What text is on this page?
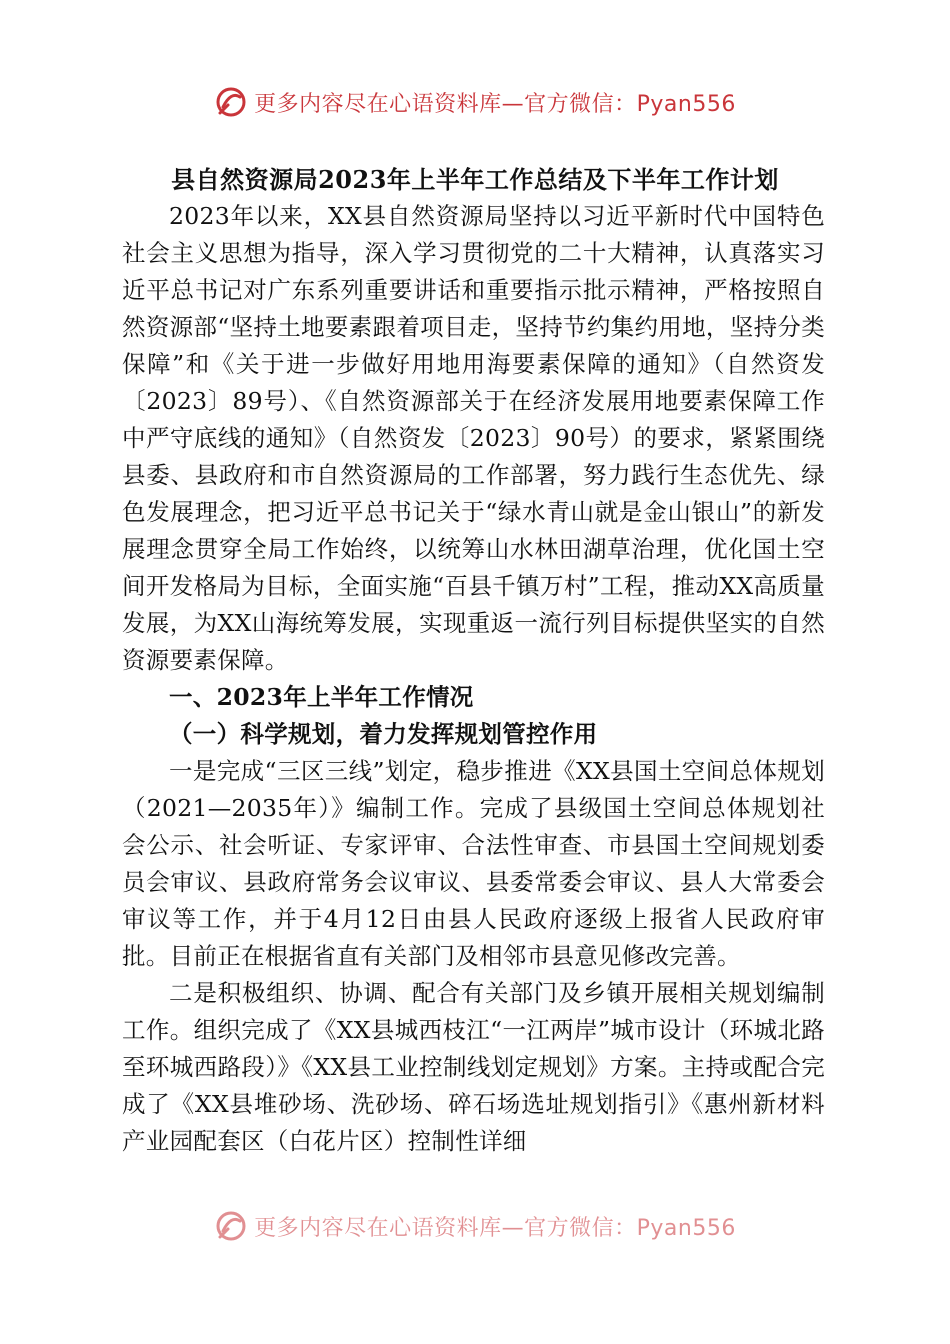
更多内容尽在心语资料库—官方微信：Pyan556
县自然资源局2023年上半年工作总结及下半年工作计划

2023年以来，XX县自然资源局坚持以习近平新时代中国特色社会主义思想为指导，深入学习贯彻党的二十大精神，认真落实习近平总书记对广东系列重要讲话和重要指示批示精神，严格按照自然资源部“坚持土地要素跟着项目走，坚持节约集约用地，坚持分类保障”和《关于进一步做好用地用海要素保障的通知》（自然资发〔2023〕89号）、《自然资源部关于在经济发展用地要素保障工作中严守底线的通知》（自然资发〔2023〕90号）的要求，紧紧围绕县委、县政府和市自然资源局的工作部署，努力践行生态优先、绿色发展理念，把习近平总书记关于“绿水青山就是金山银山”的新发展理念贯穿全局工作始终，以统筹山水林田湖草治理，优化国土空间开发格局为目标，全面实施“百县千镇万村”工程，推动XX高质量发展，为XX山海统筹发展，实现重返一流行列目标提供坚实的自然资源要素保障。

一、2023年上半年工作情况
（一）科学规划，着力发挥规划管控作用

一是完成“三区三线”划定，稳步推进《XX县国土空间总体规划（2021—2035年）》编制工作。完成了县级国土空间总体规划社会公示、社会听证、专家评审、合法性审查、市县国土空间规划委员会审议、县政府常务会议审议、县委常委会审议、县人大常委会审议等工作，并于4月12日由县人民政府逐级上报省人民政府审批。目前正在根据省直有关部门及相邻市县意见修改完善。

二是积极组织、协调、配合有关部门及乡镇开展相关规划编制工作。组织完成了《XX县城西枝江“一江两岸”城市设计（环城北路至环城西路段）》《XX县工业控制线划定规划》方案。主持或配合完成了《XX县堆砂场、洗砂场、碎石场选址规划指引》《惠州新材料产业园配套区（白花片区）控制性详细

更多内容尽在心语资料库—官方微信：Pyan556
